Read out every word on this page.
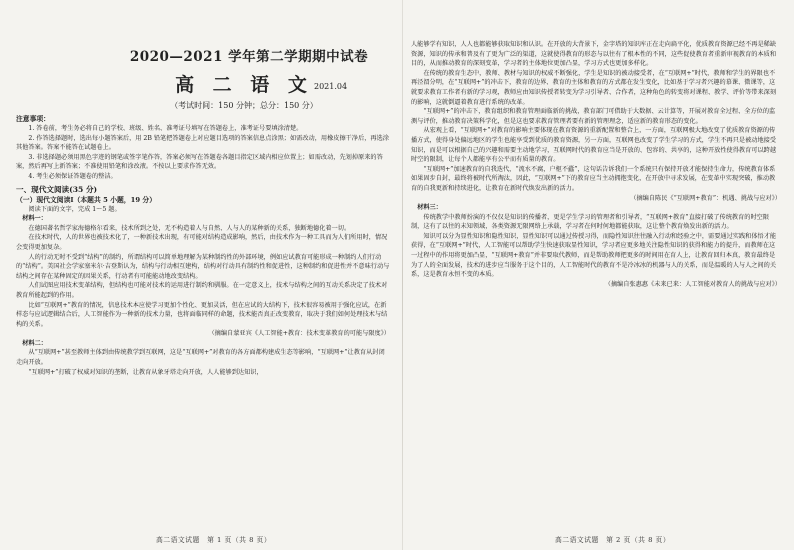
2020—2021 学年第二学期期中试卷
高 二 语 文 2021.04
（考试时间：150 分钟；总分：150 分）
注意事项：

1. 答卷前，考生务必将自己的学校、班级、姓名、准考证号填写在答题卷上，准考证号要填涂清楚。

2. 作答选择题时，选出每小题答案后，用 2B 铅笔把答题卷上对应题目选项的答案信息点涂黑；如需改动，用橡皮擦干净后，再选涂其他答案。答案不能答在试题卷上。

3. 非选择题必须用黑色字迹的钢笔或签字笔作答，答案必须写在答题卷各题目指定区域内相应位置上；如需改动，先划掉原来的答案，然后再写上新答案；不准使用铅笔和涂改液。不按以上要求作答无效。

4. 考生必须保证答题卷的整洁。

一、现代文阅读(35 分)
（一）现代文阅读Ⅰ（本题共 5 小题，19 分）

阅读下面的文字，完成 1～5 题。

材料一：

在德国著名哲学家海德格尔看来，技术所到之处，无不构造着人与自然、人与人的某种新的关系，独断地德化着一切。

在技术时代，人的世界也被技术化了，一种新技术出现，有可能对结构造成影响，然后，由技术作为一种工具而为人们所用时，情况会变得更加复杂。

人的行动无时不受到“结构”的制约，所谓结构可以简单地理解为某种制约性的外部环境，例如应试教育可能形成一种制约人们行动的“结构”。美国社会学家塞米尔·吉登斯认为，结构与行动相互建构，结构对行动具有制约性和促进性，这种制约和促进性并不意味行动与结构之间存在某种固定的因果关系，行动者有可能能动地改变结构。

人们试图应用技术变革结构，但结构也可能对技术的运用进行制约和驯服。在一定意义上，技术与结构之间的互动关系决定了技术对教育所能起到的作用。

比如“互联网+”教育的情况，信息技术本应使学习更加个性化、更加灵活，但在应试的大结构下，技术很容易被用于强化应试，在新样态与应试逻辑结合后，人工智能作为一种新的技术力量，也将面临同样的命题，技术能否真正改变教育，取决于我们如何处理技术与结构的关系。

（摘编自蒙亚宾《人工智能+教育：技术变革教育的可能与限度》）

材料二：

从“互联网+”甚至教师主体到由传统教学到互联网，这是“互联网+”对教育的各方面都构建成生态等影响，“互联网+”让教育从封闭走向开放。

“互联网+”打破了权威对知识的垄断，让教育从象牙塔走向开放，人人能够到达知识，

高二语文试题　第 1 页（共 8 页）

人能够学有知识，人人也都能够获取知识和认识。在开放的大背景下，金字塔的知识库正在走向扁平化，优质教育资源已经不再是稀缺资源，知识的传承和普及有了更为广泛的渠道，这就使得教育的形态与以往有了根本性的不同，这些促使教育者重新审视教育的本质和目的，从而推动教育的深刻变革，学习者的主体地位更加凸显，学习方式也更加多样化。

在传统的教育生态中，教师、教材与知识的权威不断强化，学生是知识的被动接受者，在“互联网+”时代，教师和学生的界限也不再泾渭分明，在“互联网+”的冲击下，教育的边界、教育的主体和教育的方式都在发生变化，比如基于学习者兴趣的慕课、微课等，这就要求教育工作者有新的学习观，教师应由知识传授者转变为学习引导者、合作者，这种角色的转变将对课程、教学、评价等带来深刻的影响，这就倒逼着教育进行系统的改革。

“互联网+”的冲击下，教育组织和教育管理面临新的挑战，教育部门可借助于大数据、云计算等，开展对教育全过程、全方位的监测与评价，推动教育决策科学化，但是这也要求教育管理者要有新的管理理念，适应新的教育形态的变化。

从宏观上看，“互联网+”对教育的影响主要体现在教育资源的重新配置和整合上，一方面，互联网极大地改变了优质教育资源的传播方式，使得身处偏远地区的学生也能享受到优质的教育资源，另一方面，互联网也改变了学生学习的方式，学生不再只是被动地接受知识，而是可以根据自己的兴趣和需要主动地学习，互联网时代的教育应当是开放的、包容的、共享的，这种开放性使得教育可以跨越时空的限制，让每个人都能享有公平而有质量的教育。

“互联网+”加速教育的自我迭代，“流水不腐，户枢不蠹”，这句话告诉我们一个系统只有保持开放才能保持生命力，传统教育体系如果固步自封，最终将被时代所淘汰，因此，“互联网+”下的教育应当主动拥抱变化，在开放中寻求发展，在变革中实现突破，推动教育的自我更新和持续进化，让教育在新时代焕发出新的活力。

（摘编自陈民《“互联网+教育”：机遇、挑战与应对》）

材料三：

传统教学中教师扮演的不仅仅是知识的传播者，更是学生学习的管理者和引导者，“互联网+教育”直接打破了传统教育的时空限制，这有了以往的未知领域，各类资源无限网络上承载，学习者在何时何地都能获取，这让整个教育焕发出新的活力。

知识可以分为显性知识和隐性知识，显性知识可以通过传授习得，而隐性知识往往融入行动和经验之中，需要通过实践和体悟才能获得，在“互联网+”时代，人工智能可以帮助学生快速获取显性知识，学习者应更多地关注隐性知识的获得和能力的提升，而教师在这一过程中的作用将更加凸显，“互联网+教育”并非要取代教师，而是帮助教师把更多的时间用在育人上，让教育回归本真，教育最终是为了人的全面发展，技术的进步应当服务于这个目的，人工智能时代的教育不是冷冰冰的机器与人的关系，而是温暖的人与人之间的关系，这是教育永恒不变的本质。

（摘编自张惠惠《未来已来：人工智能对教育人的挑战与应对》）

高二语文试题　第 2 页（共 8 页）
